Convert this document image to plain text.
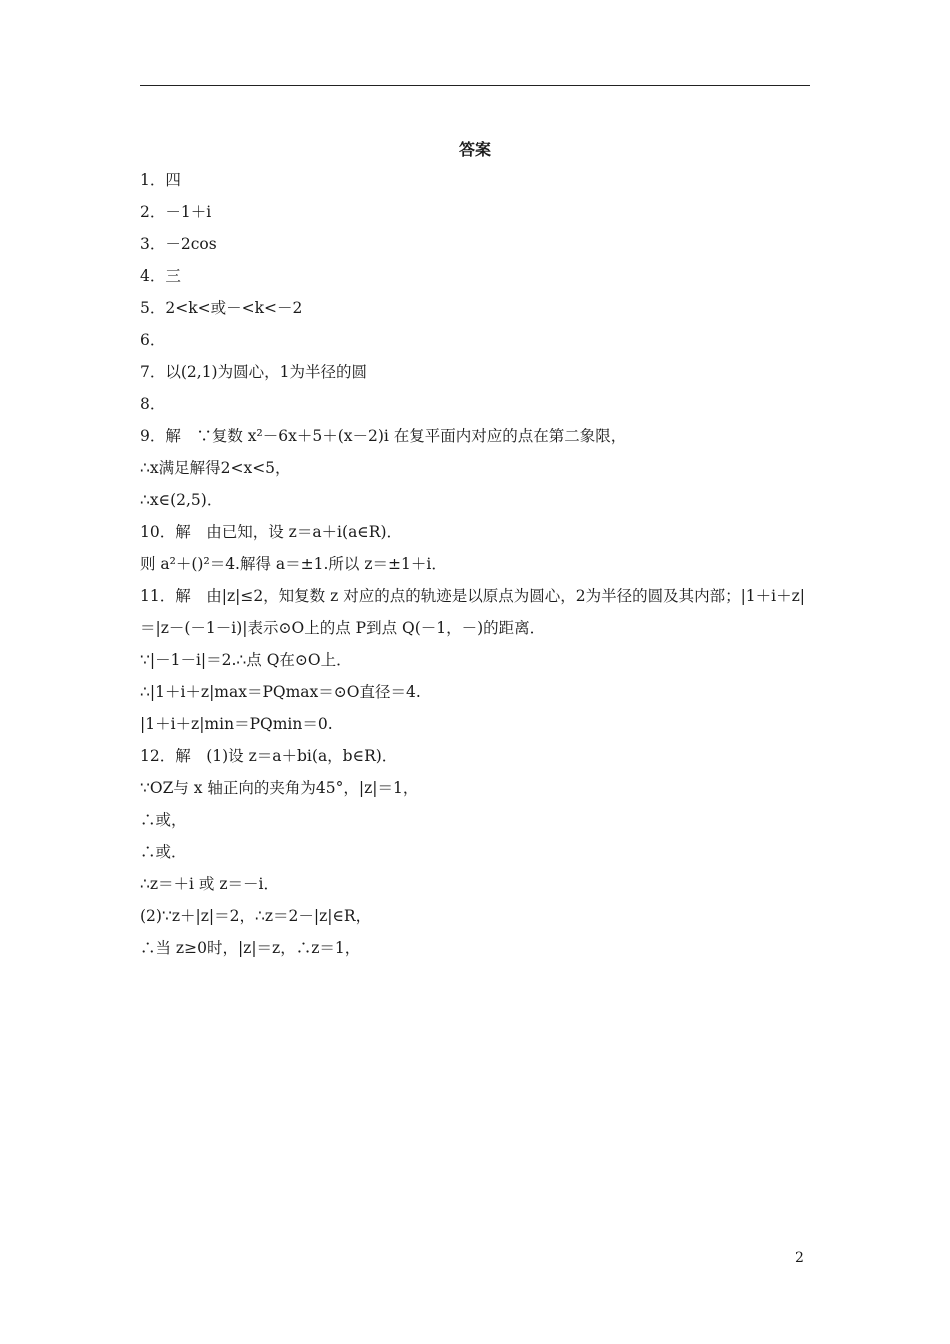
答案
1．四
2．－1＋i
3．－2cos
4．三
5．2<k<或－<k<－2
6．
7．以(2,1)为圆心，1为半径的圆
8．
9．解　∵复数 x²－6x＋5＋(x－2)i 在复平面内对应的点在第二象限，
∴x满足解得2<x<5，
∴x∈(2,5)．
10．解　由已知，设 z＝a＋i(a∈R)．
则 a²＋()²＝4.解得 a＝±1.所以 z＝±1＋i．
11．解　由|z|≤2，知复数 z 对应的点的轨迹是以原点为圆心，2为半径的圆及其内部；|1＋i＋z|＝|z－(－1－i)|表示⊙O上的点 P到点 Q(－1，－)的距离．
∵|－1－i|＝2.∴点 Q在⊙O上．
∴|1＋i＋z|max＝PQmax＝⊙O直径＝4.
|1＋i＋z|min＝PQmin＝0.
12．解　(1)设 z＝a＋bi(a，b∈R)．
∵OZ与 x 轴正向的夹角为45°，|z|＝1，
∴或，
∴或．
∴z＝＋i 或 z＝－i．
(2)∵z＋|z|＝2，∴z＝2－|z|∈R，
∴当 z≥0时，|z|＝z，∴z＝1，
2
